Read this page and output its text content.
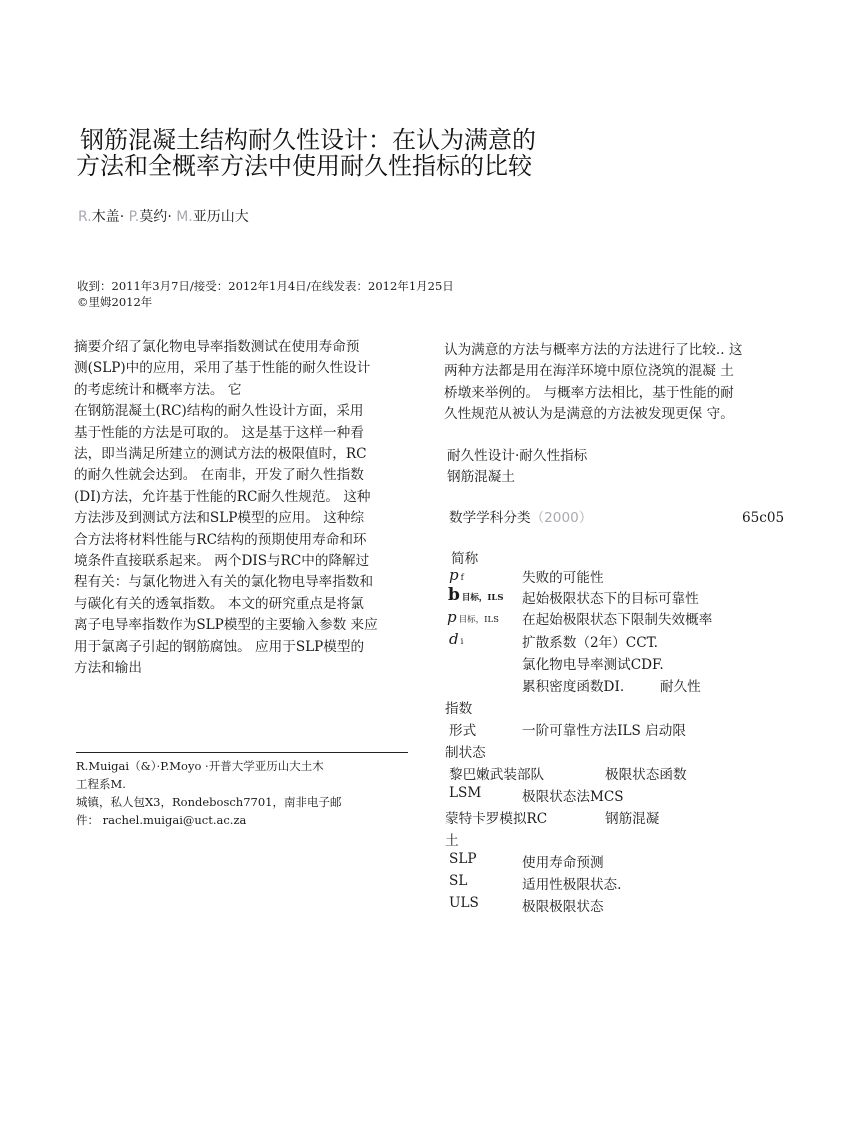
钢筋混凝土结构耐久性设计：在认为满意的
方法和全概率方法中使用耐久性指标的比较
R.木盖· P.莫约· M.亚历山大
收到：2011年3月7日/接受：2012年1月4日/在线发表：2012年1月25日
©里姆2012年
摘要介绍了氯化物电导率指数测试在使用寿命预
测(SLP)中的应用，采用了基于性能的耐久性设计
的考虑统计和概率方法。 它
在钢筋混凝土(RC)结构的耐久性设计方面，采用
基于性能的方法是可取的。 这是基于这样一种看
法，即当满足所建立的测试方法的极限值时，RC
的耐久性就会达到。 在南非，开发了耐久性指数
(DI)方法，允许基于性能的RC耐久性规范。 这种
方法涉及到测试方法和SLP模型的应用。 这种综
合方法将材料性能与RC结构的预期使用寿命和环
境条件直接联系起来。 两个DIS与RC中的降解过
程有关：与氯化物进入有关的氯化物电导率指数和
与碳化有关的透氧指数。 本文的研究重点是将氯
离子电导率指数作为SLP模型的主要输入参数 来应
用于氯离子引起的钢筋腐蚀。 应用于SLP模型的
方法和输出
认为满意的方法与概率方法的方法进行了比较.. 这
两种方法都是用在海洋环境中原位浇筑的混凝 土
桥墩来举例的。 与概率方法相比，基于性能的耐
久性规范从被认为是满意的方法被发现更保 守。
耐久性设计·耐久性指标
钢筋混凝土
数学学科分类（2000）	65c05
简称
pf	失败的可能性
b目标，ILS 起始极限状态下的目标可靠性
p目标，ILS 在起始极限状态下限制失效概率
di	扩散系数（2年）CCT.
氯化物电导率测试CDF.
累积密度函数DI.	耐久性
指数
形式	一阶可靠性方法ILS 启动限
制状态
黎巴嫩武装部队	极限状态函数
LSM	极限状态法MCS
蒙特卡罗模拟RC	钢筋混凝
土
SLP	使用寿命预测
SL	适用性极限状态.
ULS	极限极限状态
R.Muigai（&）·P.Moyo ·开普大学亚历山大土木
工程系M.
城镇，私人包X3，Rondebosch7701，南非电子邮
件： rachel.muigai@uct.ac.za
